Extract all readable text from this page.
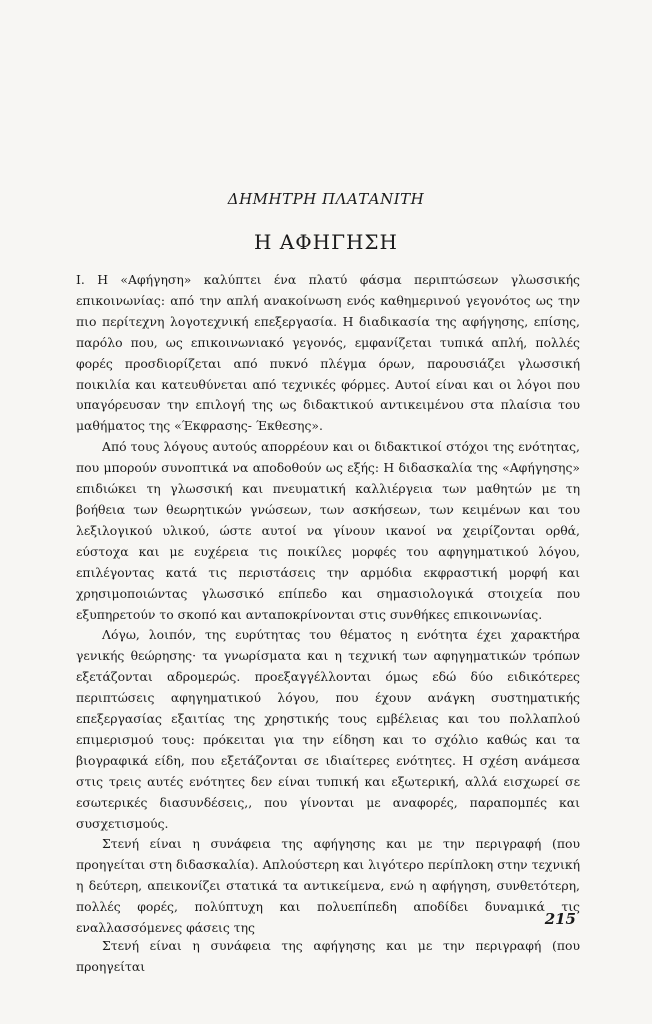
ΔΗΜΗΤΡΗ ΠΛΑΤΑΝΙΤΗ
Η ΑΦΗΓΗΣΗ

Ι. Η «Αφήγηση» καλύπτει ένα πλατύ φάσμα περιπτώσεων γλωσσικής επικοινωνίας: από την απλή ανακοίνωση ενός καθημερινού γεγονότος ως την πιο περίτεχνη λογοτεχνική επεξεργασία. Η διαδικασία της αφήγησης, επίσης, παρόλο που, ως επικοινωνιακό γεγονός, εμφανίζεται τυπικά απλή, πολλές φορές προσδιορίζεται από πυκνό πλέγμα όρων, παρουσιάζει γλωσσική ποικιλία και κατευθύνεται από τεχνικές φόρμες. Αυτοί είναι και οι λόγοι που υπαγόρευσαν την επιλογή της ως διδακτικού αντικειμένου στα πλαίσια του μαθήματος της «Έκφρασης- Έκθεσης».

Από τους λόγους αυτούς απορρέουν και οι διδακτικοί στόχοι της ενότητας, που μπορούν συνοπτικά να αποδοθούν ως εξής: Η διδασκαλία της «Αφήγησης» επιδιώκει τη γλωσσική και πνευματική καλλιέργεια των μαθητών με τη βοήθεια των θεωρητικών γνώσεων, των ασκήσεων, των κειμένων και του λεξιλογικού υλικού, ώστε αυτοί να γίνουν ικανοί να χειρίζονται ορθά, εύστοχα και με ευχέρεια τις ποικίλες μορφές του αφηγηματικού λόγου, επιλέγοντας κατά τις περιστάσεις την αρμόδια εκφραστική μορφή και χρησιμοποιώντας γλωσσικό επίπεδο και σημασιολογικά στοιχεία που εξυπηρετούν το σκοπό και ανταποκρίνονται στις συνθήκες επικοινωνίας.

Λόγω, λοιπόν, της ευρύτητας του θέματος η ενότητα έχει χαρακτήρα γενικής θεώρησης· τα γνωρίσματα και η τεχνική των αφηγηματικών τρόπων εξετάζονται αδρομερώς. προεξαγγέλλονται όμως εδώ δύο ειδικότερες περιπτώσεις αφηγηματικού λόγου, που έχουν ανάγκη συστηματικής επεξεργασίας εξαιτίας της χρηστικής τους εμβέλειας και του πολλαπλού επιμερισμού τους: πρόκειται για την είδηση και το σχόλιο καθώς και τα βιογραφικά είδη, που εξετάζονται σε ιδιαίτερες ενότητες. Η σχέση ανάμεσα στις τρεις αυτές ενότητες δεν είναι τυπική και εξωτερική, αλλά εισχωρεί σε εσωτερικές διασυνδέσεις,, που γίνονται με αναφορές, παραπομπές και συσχετισμούς.

Στενή είναι η συνάφεια της αφήγησης και με την περιγραφή (που προηγείται στη διδασκαλία). Απλούστερη και λιγότερο περίπλοκη στην τεχνική η δεύτερη, απεικονίζει στατικά τα αντικείμενα, ενώ η αφήγηση, συνθετότερη, πολλές φορές, πολύπτυχη και πολυεπίπεδη αποδίδει δυναμικά τις εναλλασσόμενες φάσεις της	215

Στενή είναι η συνάφεια της αφήγησης και με την περιγραφή (που προηγείται
